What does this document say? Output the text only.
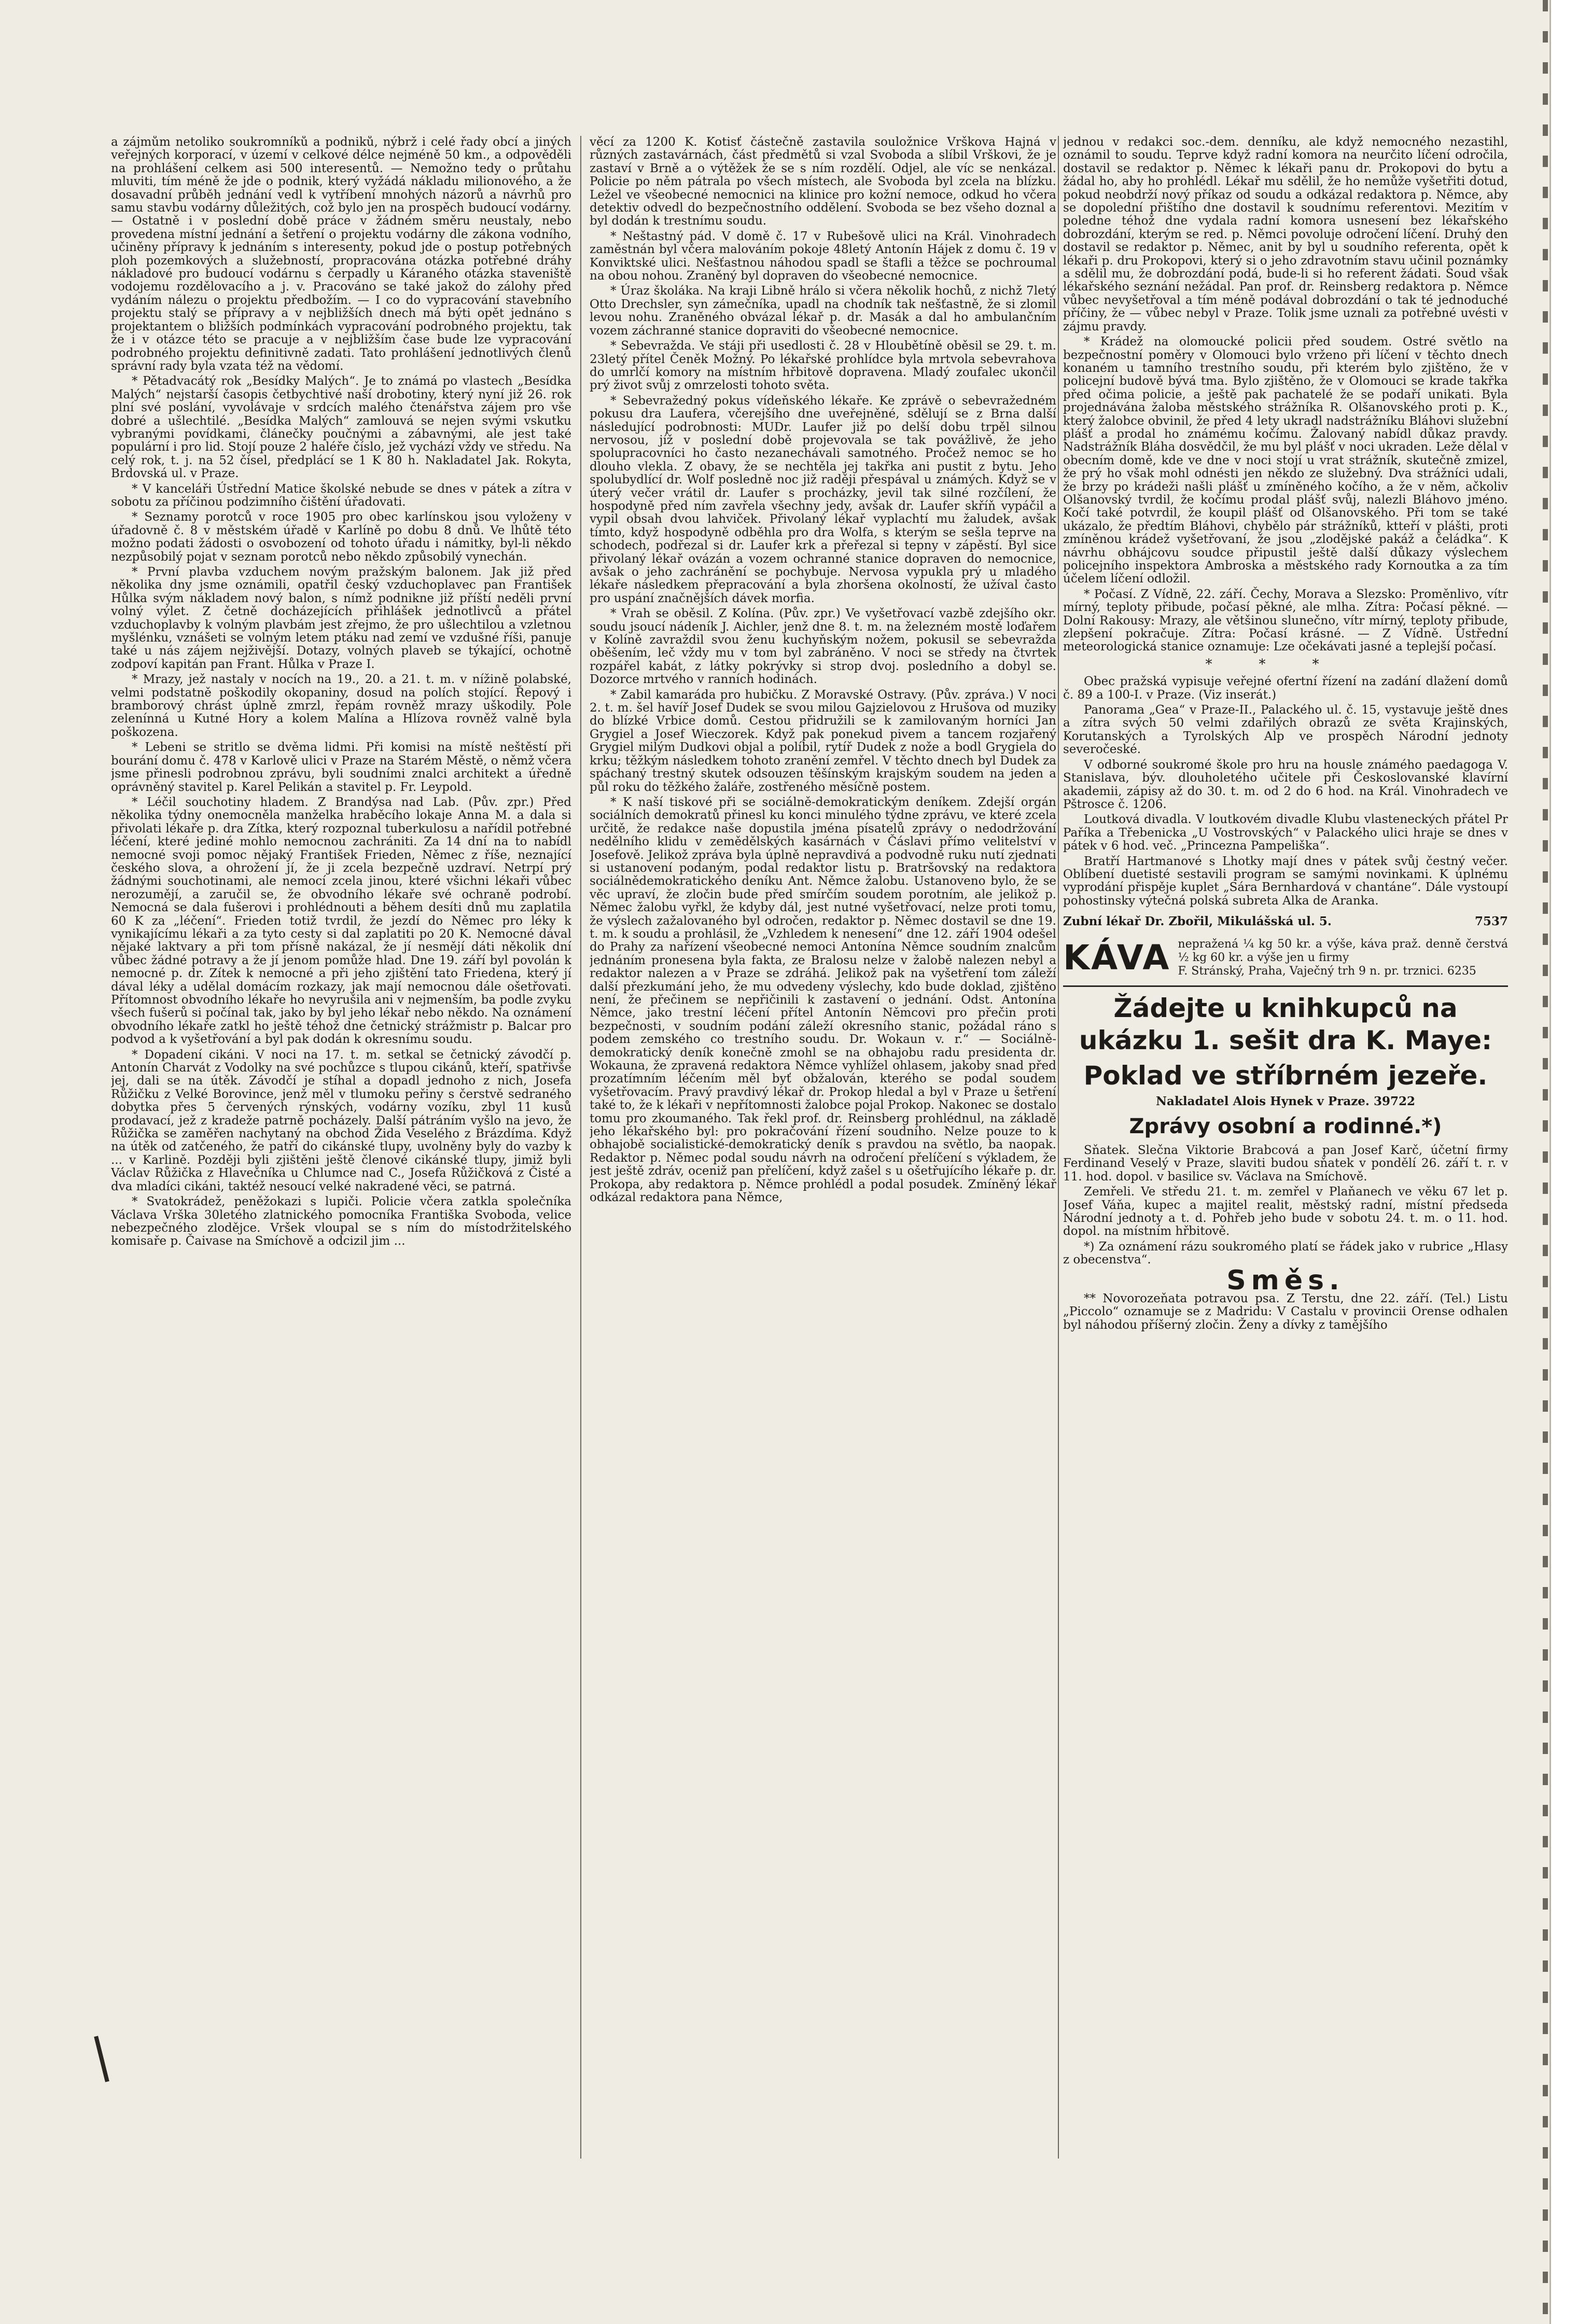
a zájmům netoliko soukromníků a podniků, nýbrž i celé řady obcí a jiných veřejných korporací, v území v celkové délce nejméně 50 km., a odpověděli na prohlášení celkem asi 500 interesentů. — Nemožno tedy o průtahu mluviti, tím méně že jde o podnik, který vyžádá nákladu milionového, a že dosavadní průběh jednání vedl k vytříbení mnohých názorů a návrhů pro samu stavbu vodárny důležitých, což bylo jen na prospěch budoucí vodárny. — Ostatně i v poslední době práce v žádném směru neustaly, nebo provedena místní jednání a šetření o projektu vodárny dle zákona vodního, učiněny přípravy k jednáním s interesenty, pokud jde o postup potřebných ploh pozemkových a služebností, propracována otázka potřebné dráhy nákladové pro budoucí vodárnu s čerpadly u Káraného otázka staveniště vodojemu rozdělovacího a j. v. Pracováno se také jakož do zálohy před vydáním nálezu o projektu předbožím. — I co do vypracování stavebního projektu stalý se přípravy a v nejbližších dnech má býti opět jednáno s projektantem o bližších podmínkách vypracování podrobného projektu, tak že i v otázce této se pracuje a v nejbližším čase bude lze vypracování podrobného projektu definitivně zadati. Tato prohlášení jednotlivých členů správní rady byla vzata též na vědomí.

* Pětadvacátý rok „Besídky Malých“. Je to známá po vlastech „Besídka Malých“ nejstarší časopis četbychtivé naší drobotiny, který nyní již 26. rok plní své poslání, vyvolávaje v srdcích malého čtenářstva zájem pro vše dobré a ušlechtilé. „Besídka Malých“ zamlouvá se nejen svými vskutku vybranými povídkami, článečky poučnými a zábavnými, ale jest také populární i pro lid. Stojí pouze 2 haléře číslo, jež vychází vždy ve středu. Na celý rok, t. j. na 52 čísel, předplácí se 1 K 80 h. Nakladatel Jak. Rokyta, Brdovská ul. v Praze.

* V kanceláři Ústřední Matice školské nebude se dnes v pátek a zítra v sobotu za příčinou podzimního čištění úřadovati.

* Seznamy porotců v roce 1905 pro obec karlínskou jsou vyloženy v úřadovně č. 8 v městském úřadě v Karlíně po dobu 8 dnů. Ve lhůtě této možno podati žádosti o osvobození od tohoto úřadu i námitky, byl-li někdo nezpůsobilý pojat v seznam porotců nebo někdo způsobilý vynechán.

* První plavba vzduchem novým pražským balonem. Jak již před několika dny jsme oznámili, opatřil český vzduchoplavec pan František Hůlka svým nákladem nový balon, s nímž podnikne již příští neděli první volný výlet. Z četně docházejících přihlášek jednotlivců a přátel vzduchoplavby k volným plavbám jest zřejmo, že pro ušlechtilou a vzletnou myšlénku, vznášeti se volným letem ptáku nad zemí ve vzdušné říši, panuje také u nás zájem nejživější. Dotazy, volných plaveb se týkající, ochotně zodpoví kapitán pan Frant. Hůlka v Praze I.

* Mrazy, jež nastaly v nocích na 19., 20. a 21. t. m. v nížině polabské, velmi podstatně poškodily okopaniny, dosud na polích stojící. Řepový i bramborový chrást úplně zmrzl, řepám rovněž mrazy uškodily. Pole zelenínná u Kutné Hory a kolem Malína a Hlízova rovněž valně byla poškozena.

* Lebeni se stritlo se dvěma lidmi. Při komisi na místě neštěstí při bourání domu č. 478 v Karlově ulici v Praze na Starém Městě, o němž včera jsme přinesli podrobnou zprávu, byli soudními znalci architekt a úředně oprávněný stavitel p. Karel Pelikán a stavitel p. Fr. Leypold.

* Léčil souchotiny hladem. Z Brandýsa nad Lab. (Pův. zpr.) Před několika týdny onemocněla manželka hraběcího lokaje Anna M. a dala si přivolati lékaře p. dra Zítka, který rozpoznal tuberkulosu a nařídil potřebné léčení, které jediné mohlo nemocnou zachrániti. Za 14 dní na to nabídl nemocné svoji pomoc nějaký František Frieden, Němec z říše, neznající českého slova, a ohrožení jí, že ji zcela bezpečně uzdraví. Netrpí prý žádnými souchotinami, ale nemocí zcela jinou, které všichni lékaři vůbec nerozumějí, a zaručil se, že obvodního lékaře své ochraně podrobí. Nemocná se dala fušerovi i prohlédnouti a během desíti dnů mu zaplatila 60 K za „léčení“. Frieden totiž tvrdil, že jezdí do Němec pro léky k vynikajícímu lékaři a za tyto cesty si dal zaplatiti po 20 K. Nemocné dával nějaké laktvary a při tom přísně nakázal, že jí nesmějí dáti několik dní vůbec žádné potravy a že jí jenom pomůže hlad. Dne 19. září byl povolán k nemocné p. dr. Zítek k nemocné a při jeho zjištění tato Friedena, který jí dával léky a udělal domácím rozkazy, jak mají nemocnou dále ošetřovati. Přítomnost obvodního lékaře ho nevyrušila ani v nejmenším, ba podle zvyku všech fušerů si počínal tak, jako by byl jeho lékař nebo někdo. Na oznámení obvodního lékaře zatkl ho ještě téhož dne četnický strážmistr p. Balcar pro podvod a k vyšetřování a byl pak dodán k okresnímu soudu.

* Dopadení cikáni. V noci na 17. t. m. setkal se četnický závodčí p. Antonín Charvát z Vodolky na své pochůzce s tlupou cikánů, kteří, spatřivše jej, dali se na útěk. Závodčí je stíhal a dopadl jednoho z nich, Josefa Růžičku z Velké Borovince, jenž měl v tlumoku peřiny s čerstvě sedraného dobytka přes 5 červených rýnských, vodárny vozíku, zbyl 11 kusů prodavací, jež z kradeže patrně pocházely. Další pátráním vyšlo na jevo, že Růžička se zaměřen nachytaný na obchod Žida Veselého z Brázdíma. Když na útěk od zatčeného, že patří do cikánské tlupy, uvolněny byly do vazby k ... v Karlině. Později byli zjištěni ještě členové cikánské tlupy, jimiž byli Václav Růžička z Hlavečníka u Chlumce nad C., Josefa Růžičková z Čisté a dva mladíci cikáni, taktéž nesoucí velké nakradené věci, se patrná.

* Svatokrádež, peněžokazi s lupiči. Policie včera zatkla společníka Václava Vrška 30letého zlatnického pomocníka Františka Svoboda, velice nebezpečného zlodějce. Vršek vloupal se s ním do místodržitelského komisaře p. Čaivase na Smíchově a odcizil jim ...

věcí za 1200 K. Kotisť částečně zastavila souložnice Vrškova Hajná v různých zastavárnách, část předmětů si vzal Svoboda a slíbil Vrškovi, že je zastaví v Brně a o výtěžek že se s ním rozdělí. Odjel, ale víc se nenkázal. Policie po něm pátrala po všech místech, ale Svoboda byl zcela na blízku. Ležel ve všeobecné nemocnici na klinice pro kožní nemoce, odkud ho včera detektiv odvedl do bezpečnostního oddělení. Svoboda se bez všeho doznal a byl dodán k trestnímu soudu.

* Neštastný pád. V domě č. 17 v Rubešově ulici na Král. Vinohradech zaměstnán byl včera malováním pokoje 48letý Antonín Hájek z domu č. 19 v Konviktské ulici. Nešťastnou náhodou spadl se štafli a těžce se pochroumal na obou nohou. Zraněný byl dopraven do všeobecné nemocnice.

* Úraz školáka. Na kraji Libně hrálo si včera několik hochů, z nichž 7letý Otto Drechsler, syn zámečníka, upadl na chodník tak nešťastně, že si zlomil levou nohu. Zraněného obvázal lékař p. dr. Masák a dal ho ambulančním vozem záchranné stanice dopraviti do všeobecné nemocnice.

* Sebevražda. Ve stáji při usedlosti č. 28 v Hloubětíně oběsil se 29. t. m. 23letý přítel Čeněk Možný. Po lékařské prohlídce byla mrtvola sebevrahova do umrlčí komory na místním hřbitově dopravena. Mladý zoufalec ukončil prý život svůj z omrzelosti tohoto světa.

* Sebevražedný pokus vídeňského lékaře. Ke zprávě o sebevražedném pokusu dra Laufera, včerejšího dne uveřejněné, sdělují se z Brna další následující podrobnosti: MUDr. Laufer již po delší dobu trpěl silnou nervosou, jíž v poslední době projevovala se tak povážlivě, že jeho spolupracovníci ho často nezanechávali samotného. Pročež nemoc se ho dlouho vlekla. Z obavy, že se nechtěla jej takřka ani pustit z bytu. Jeho spolubydlící dr. Wolf posledně noc již raději přespával u známých. Když se v úterý večer vrátil dr. Laufer s procházky, jevil tak silné rozčílení, že hospodyně před ním zavřela všechny jedy, avšak dr. Laufer skříň vypáčil a vypil obsah dvou lahviček. Přivolaný lékař vyplachtí mu žaludek, avšak tímto, když hospodyně odběhla pro dra Wolfa, s kterým se sešla teprve na schodech, podřezal si dr. Laufer krk a přeřezal si tepny v zápěstí. Byl sice přivolaný lékař ovázán a vozem ochranné stanice dopraven do nemocnice, avšak o jeho zachránění se pochybuje. Nervosa vypukla prý u mladého lékaře následkem přepracování a byla zhoršena okolností, že užíval často pro uspání značnějších dávek morfia.

* Vrah se oběsil. Z Kolína. (Pův. zpr.) Ve vyšetřovací vazbě zdejšího okr. soudu jsoucí nádeník J. Aichler, jenž dne 8. t. m. na železném mostě loďařem v Kolíně zavraždil svou ženu kuchyňským nožem, pokusil se sebevražda oběšením, leč vždy mu v tom byl zabráněno. V noci se středy na čtvrtek rozpářel kabát, z látky pokrývky si strop dvoj. posledního a dobyl se. Dozorce mrtvého v ranních hodinách.

* Zabil kamaráda pro hubičku. Z Moravské Ostravy. (Pův. zpráva.) V noci 2. t. m. šel havíř Josef Dudek se svou milou Gajzielovou z Hrušova od muziky do blízké Vrbice domů. Cestou přidružili se k zamilovaným horníci Jan Grygiel a Josef Wieczorek. Když pak ponekud pivem a tancem rozjařený Grygiel milým Dudkovi objal a políbil, rytíř Dudek z nože a bodl Grygiela do krku; těžkým následkem tohoto zranění zemřel. V těchto dnech byl Dudek za spáchaný trestný skutek odsouzen těšínským krajským soudem na jeden a půl roku do těžkého žaláře, zostřeného měsíčně postem.

* K naší tiskové při se sociálně-demokratickým deníkem. Zdejší orgán sociálních demokratů přinesl ku konci minulého týdne zprávu, ve které zcela určitě, že redakce naše dopustila jména písatelů zprávy o nedodržování nedělního klidu v zemědělských kasárnách v Čáslavi přímo velitelství v Josefově. Jelikož zpráva byla úplně nepravdivá a podvodně ruku nutí zjednati si ustanovení podaným, podal redaktor listu p. Bratršovský na redaktora sociálnědemokratického deníku Ant. Němce žalobu. Ustanoveno bylo, že se věc upraví, že zločin bude před smírčím soudem porotním, ale jelikož p. Němec žalobu vyřkl, že kdyby dál, jest nutné vyšetřovací, nelze proti tomu, že výslech zažalovaného byl odročen, redaktor p. Němec dostavil se dne 19. t. m. k soudu a prohlásil, že „Vzhledem k nenesení“ dne 12. září 1904 odešel do Prahy za nařízení všeobecné nemoci Antonína Němce soudním znalcům jednáním pronesena byla fakta, ze Bralosu nelze v žalobě nalezen nebyl a redaktor nalezen a v Praze se zdráhá. Jelikož pak na vyšetření tom záleží další přezkumání jeho, že mu odvedeny výslechy, kdo bude doklad, zjištěno není, že přečinem se nepřičinili k zastavení o jednání. Odst. Antonína Němce, jako trestní léčení přítel Antonín Němcovi pro přečin proti bezpečnosti, v soudním podání záleží okresního stanic, požádal ráno s podem zemského co trestního soudu. Dr. Wokaun v. r.“ — Sociálně-demokratický deník konečně zmohl se na obhajobu radu presidenta dr. Wokauna, že zpravená redaktora Němce vyhlížel ohlasem, jakoby snad před prozatímním léčením měl byť obžalován, kterého se podal soudem vyšetřovacím. Pravý pravdivý lékař dr. Prokop hledal a byl v Praze u šetření také to, že k lékaři v nepřítomnosti žalobce pojal Prokop. Nakonec se dostalo tomu pro zkoumaného. Tak řekl prof. dr. Reinsberg prohlédnul, na základě jeho lékařského byl: pro pokračování řízení soudního. Nelze pouze to k obhajobě socialistické-demokratický deník s pravdou na světlo, ba naopak. Redaktor p. Němec podal soudu návrh na odročení přelíčení s výkladem, že jest ještě zdráv, oceniž pan přelíčení, když zašel s u ošetřujícího lékaře p. dr. Prokopa, aby redaktora p. Němce prohlédl a podal posudek. Zmíněný lékař odkázal redaktora pana Němce,

jednou v redakci soc.-dem. denníku, ale když nemocného nezastihl, oznámil to soudu. Teprve když radní komora na neurčito líčení odročila, dostavil se redaktor p. Němec k lékaři panu dr. Prokopovi do bytu a žádal ho, aby ho prohlédl. Lékař mu sdělil, že ho nemůže vyšetřiti dotud, pokud neobdrží nový příkaz od soudu a odkázal redaktora p. Němce, aby se dopolední přištího dne dostavil k soudnímu referentovi. Mezitím v poledne téhož dne vydala radní komora usnesení bez lékařského dobrozdání, kterým se red. p. Němci povoluje odročení líčení. Druhý den dostavil se redaktor p. Němec, anit by byl u soudního referenta, opět k lékaři p. dru Prokopovi, který si o jeho zdravotním stavu učinil poznámky a sdělil mu, že dobrozdání podá, bude-li si ho referent žádati. Soud však lékařského seznání nežádal. Pan prof. dr. Reinsberg redaktora p. Němce vůbec nevyšetřoval a tím méně podával dobrozdání o tak té jednoduché příčiny, že — vůbec nebyl v Praze. Tolik jsme uznali za potřebné uvésti v zájmu pravdy.

* Krádež na olomoucké policii před soudem. Ostré světlo na bezpečnostní poměry v Olomouci bylo vrženo při líčení v těchto dnech konaném u tamního trestního soudu, při kterém bylo zjištěno, že v policejní budově bývá tma. Bylo zjištěno, že v Olomouci se krade takřka před očima policie, a ještě pak pachatelé že se podaří unikati. Byla projednávána žaloba městského strážníka R. Olšanovského proti p. K., který žalobce obvinil, že před 4 lety ukradl nadstrážníku Bláhovi služební plášť a prodal ho známému kočímu. Žalovaný nabídl důkaz pravdy. Nadstrážník Bláha dosvědčil, že mu byl plášť v noci ukraden. Leže dělal v obecním domě, kde ve dne v noci stojí u vrat strážník, skutečně zmizel, že prý ho však mohl odnésti jen někdo ze služebný. Dva strážníci udali, že brzy po krádeži našli plášť u zmíněného kočího, a že v něm, ačkoliv Olšanovský tvrdil, že kočímu prodal plášť svůj, nalezli Bláhovo jméno. Kočí také potvrdil, že koupil plášť od Olšanovského. Při tom se také ukázalo, že předtím Bláhovi, chybělo pár strážníků, ktteří v plášti, proti zmíněnou krádež vyšetřovaní, že jsou „zlodějské pakáž a čeládka“. K návrhu obhájcovu soudce připustil ještě další důkazy výslechem policejního inspektora Ambroska a městského rady Kornoutka a za tím účelem líčení odložil.

* Počasí. Z Vídně, 22. září. Čechy, Morava a Slezsko: Proměnlivo, vítr mírný, teploty přibude, počasí pěkné, ale mlha. Zítra: Počasí pěkné. — Dolní Rakousy: Mrazy, ale většinou slunečno, vítr mírný, teploty přibude, zlepšení pokračuje. Zítra: Počasí krásné. — Z Vídně. Ústřední meteorologická stanice oznamuje: Lze očekávati jasné a teplejší počasí.

***

Obec pražská vypisuje veřejné ofertní řízení na zadání dlažení domů č. 89 a 100-I. v Praze. (Viz inserát.)

Panorama „Gea“ v Praze-II., Palackého ul. č. 15, vystavuje ještě dnes a zítra svých 50 velmi zdařilých obrazů ze světa Krajinských, Korutanských a Tyrolských Alp ve prospěch Národní jednoty severočeské.

V odborné soukromé škole pro hru na housle známého paedagoga V. Stanislava, býv. dlouholetého učitele při Českoslovanské klavírní akademii, zápisy až do 30. t. m. od 2 do 6 hod. na Král. Vinohradech ve Pštrosce č. 1206.

Loutková divadla. V loutkovém divadle Klubu vlasteneckých přátel Pr Paříka a Třebenicka „U Vostrovských“ v Palackého ulici hraje se dnes v pátek v 6 hod. več. „Princezna Pampeliška“.

Bratří Hartmanové s Lhotky mají dnes v pátek svůj čestný večer. Oblíbení duetisté sestavili program se samými novinkami. K úplnému vyprodání přispěje kuplet „Sára Bernhardová v chantáne“. Dále vystoupí pohostinsky výtečná polská subreta Alka de Aranka.

Zubní lékař Dr. Zbořil, Mikulášská ul. 5.	7537
KÁVA nepražená ¼ kg 50 kr. a výše, káva praž. denně čerstvá ½ kg 60 kr. a výše jen u firmy
F. Stránský, Praha, Vaječný trh 9 n. pr. trznici. 6235
Žádejte u knihkupců na ukázku 1. sešit dra K. Maye:
Poklad ve stříbrném jezeře.
Nakladatel Alois Hynek v Praze. 39722
Zprávy osobní a rodinné.*)

Sňatek. Slečna Viktorie Brabcová a pan Josef Karč, účetní firmy Ferdinand Veselý v Praze, slaviti budou sňatek v pondělí 26. září t. r. v 11. hod. dopol. v basilice sv. Václava na Smíchově.

Zemřeli. Ve středu 21. t. m. zemřel v Plaňanech ve věku 67 let p. Josef Váňa, kupec a majitel realit, městský radní, místní předseda Národní jednoty a t. d. Pohřeb jeho bude v sobotu 24. t. m. o 11. hod. dopol. na místním hřbitově.

*) Za oznámení rázu soukromého platí se řádek jako v rubrice „Hlasy z obecenstva“.

Směs.

** Novorozeňata potravou psa. Z Terstu, dne 22. září. (Tel.) Listu „Piccolo“ oznamuje se z Madridu: V Castalu v provincii Orense odhalen byl náhodou příšerný zločin. Ženy a dívky z tamějšího
